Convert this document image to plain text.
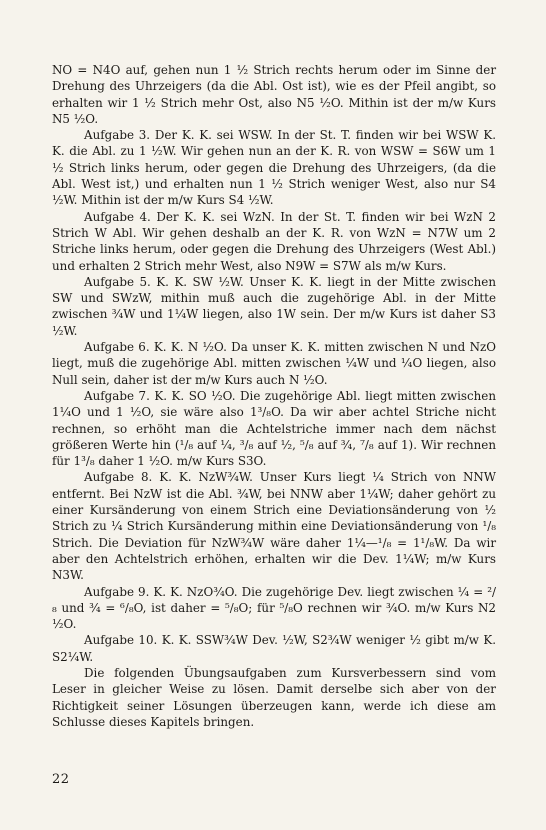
NO = N4O auf, gehen nun 1 ½ Strich rechts herum oder im Sinne der Drehung des Uhrzeigers (da die Abl. Ost ist), wie es der Pfeil angibt, so erhalten wir 1 ½ Strich mehr Ost, also N5 ½O. Mithin ist der m/w Kurs N5 ½O.

Aufgabe 3. Der K. K. sei WSW. In der St. T. finden wir bei WSW K. K. die Abl. zu 1 ½W. Wir gehen nun an der K. R. von WSW = S6W um 1 ½ Strich links herum, oder gegen die Drehung des Uhrzeigers, (da die Abl. West ist,) und erhalten nun 1 ½ Strich weniger West, also nur S4 ½W. Mithin ist der m/w Kurs S4 ½W.

Aufgabe 4. Der K. K. sei WzN. In der St. T. finden wir bei WzN 2 Strich W Abl. Wir gehen deshalb an der K. R. von WzN = N7W um 2 Striche links herum, oder gegen die Drehung des Uhrzeigers (West Abl.) und erhalten 2 Strich mehr West, also N9W = S7W als m/w Kurs.

Aufgabe 5. K. K. SW ½W. Unser K. K. liegt in der Mitte zwischen SW und SWzW, mithin muß auch die zugehörige Abl. in der Mitte zwischen ¾W und 1¼W liegen, also 1W sein. Der m/w Kurs ist daher S3 ½W.

Aufgabe 6. K. K. N ½O. Da unser K. K. mitten zwischen N und NzO liegt, muß die zugehörige Abl. mitten zwischen ¼W und ¼O liegen, also Null sein, daher ist der m/w Kurs auch N ½O.

Aufgabe 7. K. K. SO ½O. Die zugehörige Abl. liegt mitten zwischen 1¼O und 1 ½O, sie wäre also 1³/₈O. Da wir aber achtel Striche nicht rechnen, so erhöht man die Achtelstriche immer nach dem nächst größeren Werte hin (¹/₈ auf ¼, ³/₈ auf ½, ⁵/₈ auf ¾, ⁷/₈ auf 1). Wir rechnen für 1³/₈ daher 1 ½O. m/w Kurs S3O.

Aufgabe 8. K. K. NzW¾W. Unser Kurs liegt ¼ Strich von NNW entfernt. Bei NzW ist die Abl. ¾W, bei NNW aber 1¼W; daher gehört zu einer Kursänderung von einem Strich eine Deviationsänderung von ½ Strich zu ¼ Strich Kursänderung mithin eine Deviationsänderung von ¹/₈ Strich. Die Deviation für NzW¾W wäre daher 1¼—¹/₈ = 1¹/₈W. Da wir aber den Achtelstrich erhöhen, erhalten wir die Dev. 1¼W; m/w Kurs N3W.

Aufgabe 9. K. K. NzO¾O. Die zugehörige Dev. liegt zwischen ¼ = ²/₈ und ¾ = ⁶/₈O, ist daher = ⁵/₈O; für ⁵/₈O rechnen wir ¾O. m/w Kurs N2 ½O.

Aufgabe 10. K. K. SSW¾W Dev. ½W, S2¾W weniger ½ gibt m/w K. S2¼W.

Die folgenden Übungsaufgaben zum Kursverbessern sind vom Leser in gleicher Weise zu lösen. Damit derselbe sich aber von der Richtigkeit seiner Lösungen überzeugen kann, werde ich diese am Schlusse dieses Kapitels bringen.

22
